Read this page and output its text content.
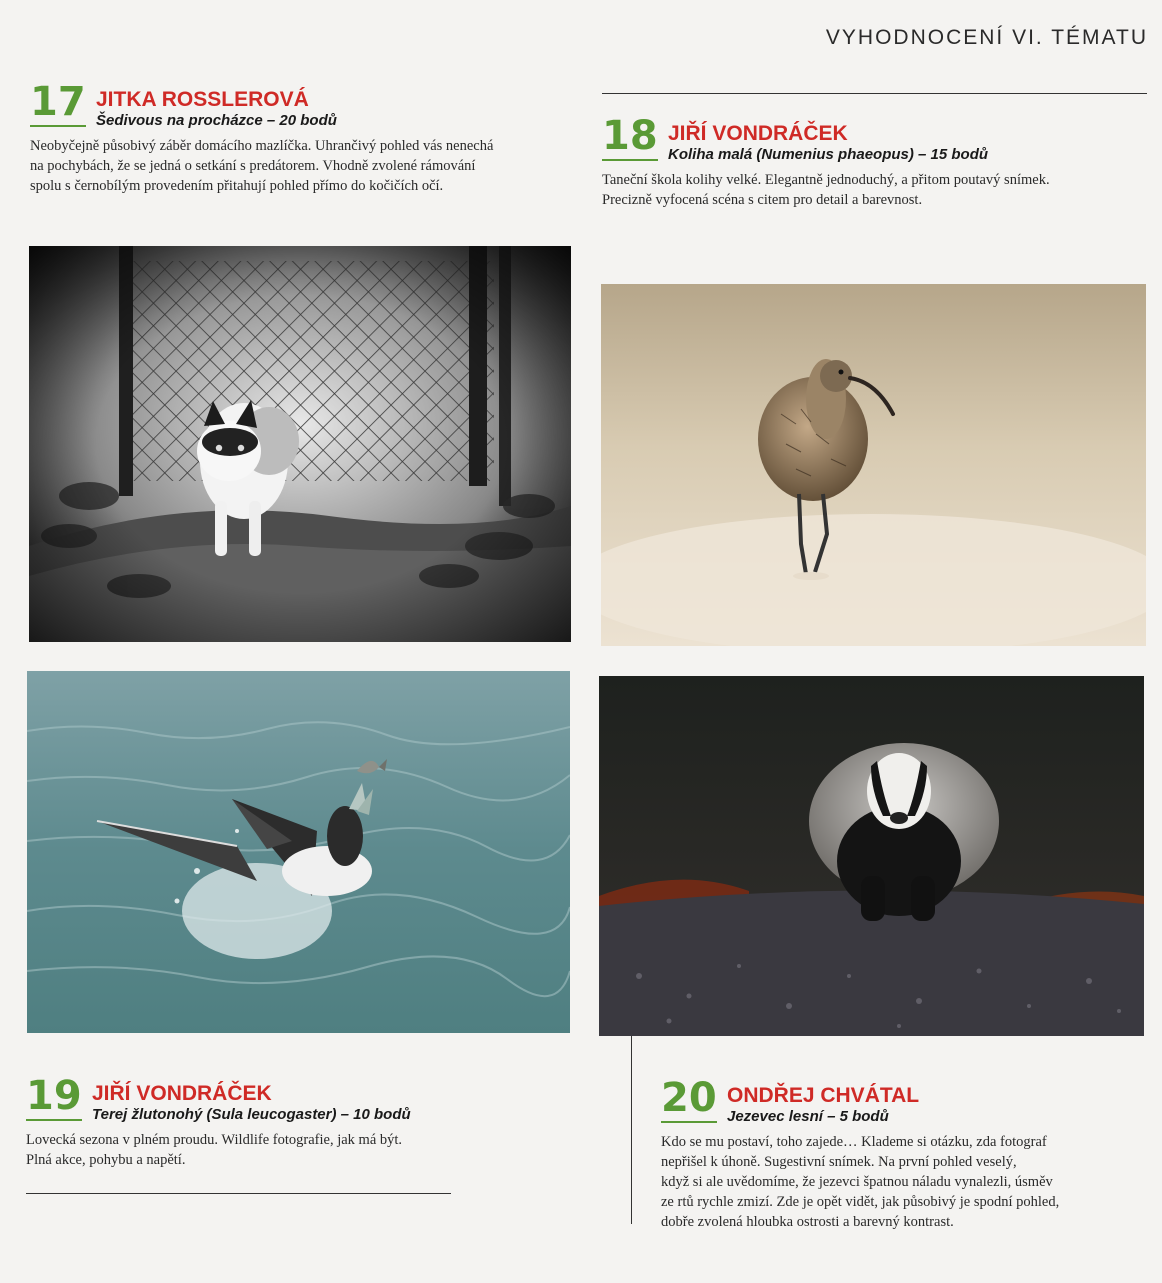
VYHODNOCENÍ VI. TÉMATU
17 JITKA ROSSLEROVÁ
Šedivous na procházce – 20 bodů
Neobyčejně působivý záběr domácího mazlíčka. Uhrančivý pohled vás nenechá
na pochybách, že se jedná o setkání s predátorem. Vhodně zvolené rámování
spolu s černobílým provedením přitahují pohled přímo do kočičích očí.
18 JIŘÍ VONDRÁČEK
Koliha malá (Numenius phaeopus) – 15 bodů
Taneční škola kolihy velké. Elegantně jednoduchý, a přitom poutavý snímek.
Precizně vyfocená scéna s citem pro detail a barevnost.
19 JIŘÍ VONDRÁČEK
Terej žlutonohý (Sula leucogaster) – 10 bodů
Lovecká sezona v plném proudu. Wildlife fotografie, jak má být.
Plná akce, pohybu a napětí.
20 ONDŘEJ CHVÁTAL
Jezevec lesní – 5 bodů
Kdo se mu postaví, toho zajede… Klademe si otázku, zda fotograf
nepřišel k úhoně. Sugestivní snímek. Na první pohled veselý,
když si ale uvědomíme, že jezevci špatnou náladu vynalezli, úsměv
ze rtů rychle zmizí. Zde je opět vidět, jak působivý je spodní pohled,
dobře zvolená hloubka ostrosti a barevný kontrast.
